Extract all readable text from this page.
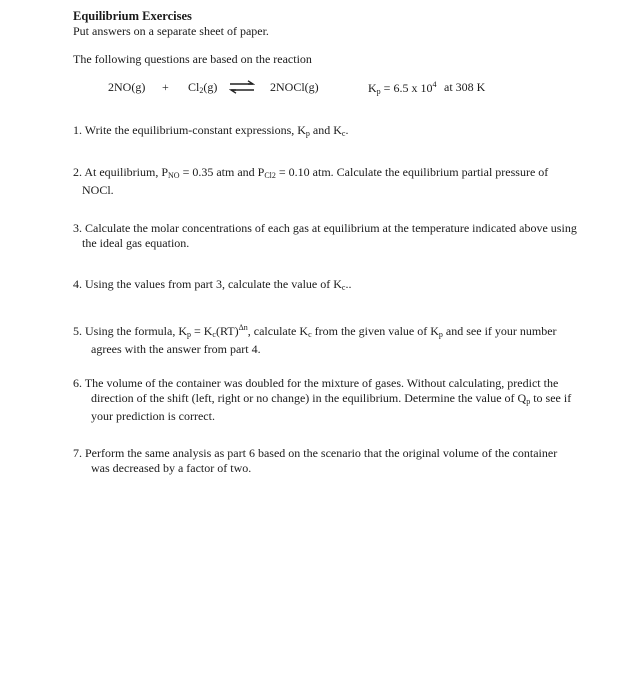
Equilibrium Exercises
Put answers on a separate sheet of paper.
The following questions are based on the reaction
$2NO(g) + Cl_2(g)$ ⇌ 2NOCl(g)	$K_p = 6.5$ x $10^4$ at 308 K
1. Write the equilibrium-constant expressions, $K_p$ and $K_c$.
2. At equilibrium, $P_{NO} = 0.35$ atm and $P_{Cl2} = 0.10$ atm. Calculate the equilibrium partial pressure of
NOCl.
3. Calculate the molar concentrations of each gas at equilibrium at the temperature indicated above using
the ideal gas equation.
4. Using the values from part 3, calculate the value of $K_c$..
5. Using the formula, $K_p = K_c(RT)^{\Delta n}$, calculate $K_c$ from the given value of $K_p$ and see if your number
agrees with the answer from part 4.
6. The volume of the container was doubled for the mixture of gases. Without calculating, predict the
direction of the shift (left, right or no change) in the equilibrium. Determine the value of $Q_p$ to see if
your prediction is correct.
7. Perform the same analysis as part 6 based on the scenario that the original volume of the container
was decreased by a factor of two.
